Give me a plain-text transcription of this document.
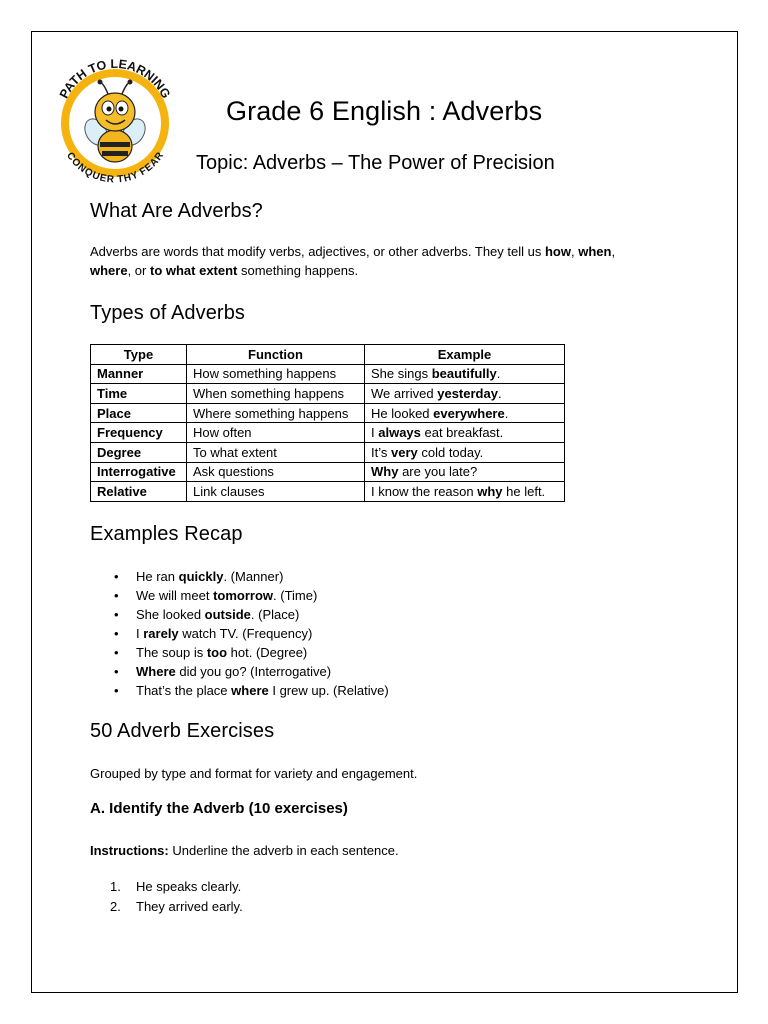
PATH TO LEARNING
CONQUER THY FEAR
Grade 6 English : Adverbs
Topic: Adverbs – The Power of Precision
What Are Adverbs?

Adverbs are words that modify verbs, adjectives, or other adverbs. They tell us how, when,
where, or to what extent something happens.

Types of Adverbs
Type	Function	Example
Manner	How something happens	She sings beautifully.
Time	When something happens	We arrived yesterday.
Place	Where something happens	He looked everywhere.
Frequency	How often	I always eat breakfast.
Degree	To what extent	It’s very cold today.
Interrogative	Ask questions	Why are you late?
Relative	Link clauses	I know the reason why he left.
Examples Recap
• He ran quickly. (Manner)
• We will meet tomorrow. (Time)
• She looked outside. (Place)
• I rarely watch TV. (Frequency)
• The soup is too hot. (Degree)
• Where did you go? (Interrogative)
• That’s the place where I grew up. (Relative)
50 Adverb Exercises

Grouped by type and format for variety and engagement.

A. Identify the Adverb (10 exercises)

Instructions: Underline the adverb in each sentence.

1. He speaks clearly.
2. They arrived early.
